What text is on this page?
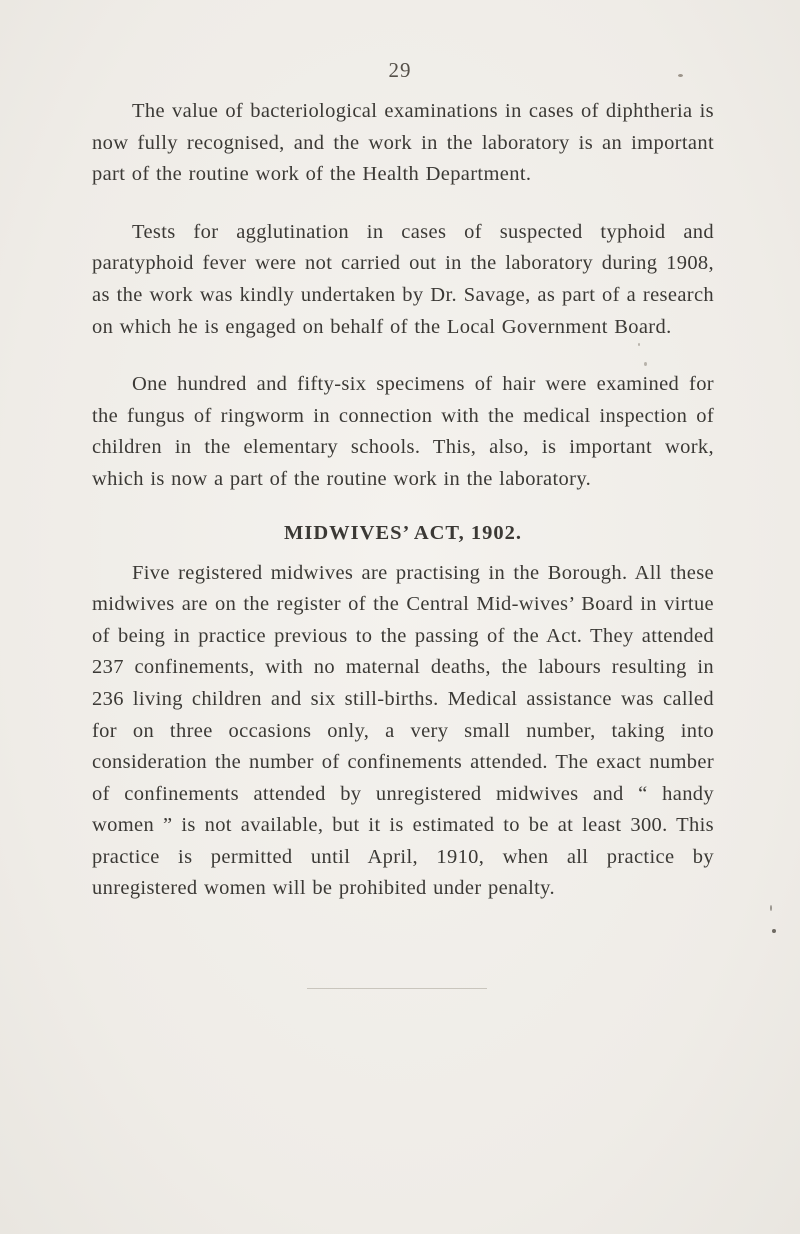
29

The value of bacteriological examinations in cases of diphtheria is now fully recognised, and the work in the laboratory is an important part of the routine work of the Health Department.

Tests for agglutination in cases of suspected typhoid and paratyphoid fever were not carried out in the laboratory during 1908, as the work was kindly undertaken by Dr. Savage, as part of a research on which he is engaged on behalf of the Local Government Board.

One hundred and fifty-six specimens of hair were examined for the fungus of ringworm in connection with the medical inspection of children in the elementary schools. This, also, is important work, which is now a part of the routine work in the laboratory.

MIDWIVES’ ACT, 1902.

Five registered midwives are practising in the Borough. All these midwives are on the register of the Central Mid-wives’ Board in virtue of being in practice previous to the passing of the Act. They attended 237 confinements, with no maternal deaths, the labours resulting in 236 living children and six still-births. Medical assistance was called for on three occasions only, a very small number, taking into consideration the number of confinements attended. The exact number of confinements attended by unregistered midwives and “ handy women ” is not available, but it is estimated to be at least 300. This practice is permitted until April, 1910, when all practice by unregistered women will be prohibited under penalty.
